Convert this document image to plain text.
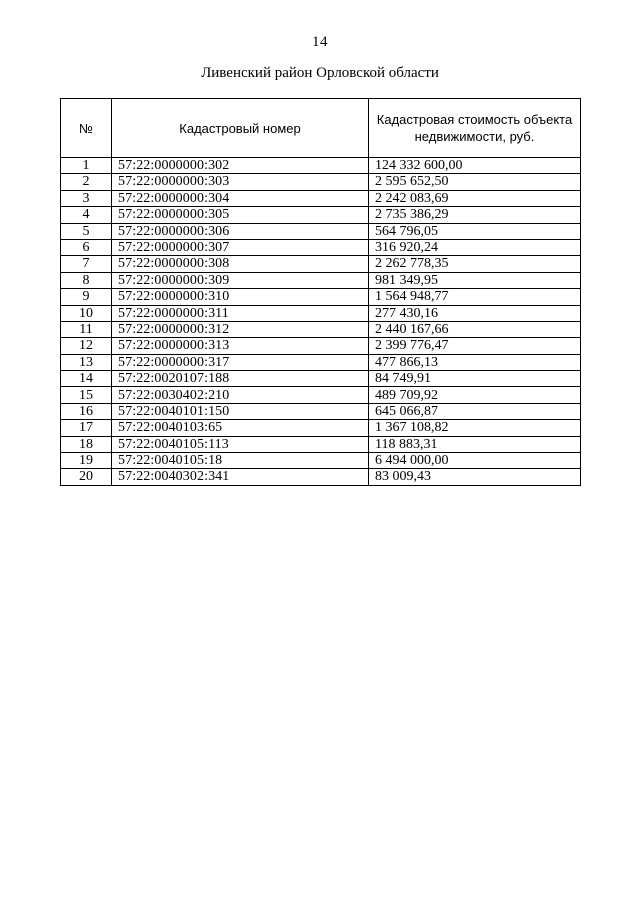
14
Ливенский район Орловской области
№	Кадастровый номер	Кадастровая стоимость объекта недвижимости, руб.
1	57:22:0000000:302	124 332 600,00
2	57:22:0000000:303	2 595 652,50
3	57:22:0000000:304	2 242 083,69
4	57:22:0000000:305	2 735 386,29
5	57:22:0000000:306	564 796,05
6	57:22:0000000:307	316 920,24
7	57:22:0000000:308	2 262 778,35
8	57:22:0000000:309	981 349,95
9	57:22:0000000:310	1 564 948,77
10	57:22:0000000:311	277 430,16
11	57:22:0000000:312	2 440 167,66
12	57:22:0000000:313	2 399 776,47
13	57:22:0000000:317	477 866,13
14	57:22:0020107:188	84 749,91
15	57:22:0030402:210	489 709,92
16	57:22:0040101:150	645 066,87
17	57:22:0040103:65	1 367 108,82
18	57:22:0040105:113	118 883,31
19	57:22:0040105:18	6 494 000,00
20	57:22:0040302:341	83 009,43
